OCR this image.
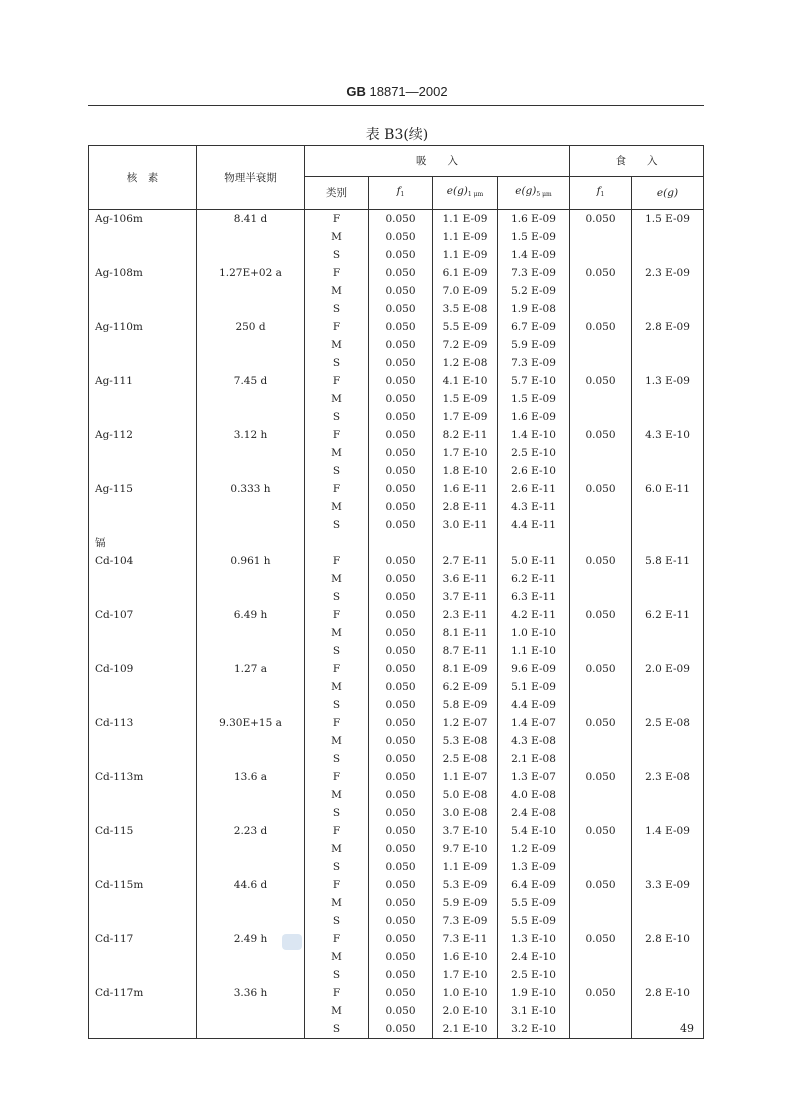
GB 18871—2002
表 B3(续)
核　素	物理半衰期	吸　　入				食　　入	
		类别	$f_1$	$e(g)_{1 \mu m}$	$e(g)_{5 \mu m}$	$f_1$	e(g)
Ag-106m	8.41 d	F	0.050	1.1 E-09	1.6 E-09	0.050	1.5 E-09
		M	0.050	1.1 E-09	1.5 E-09		
		S	0.050	1.1 E-09	1.4 E-09		
Ag-108m	1.27E+02 a	F	0.050	6.1 E-09	7.3 E-09	0.050	2.3 E-09
		M	0.050	7.0 E-09	5.2 E-09		
		S	0.050	3.5 E-08	1.9 E-08		
Ag-110m	250 d	F	0.050	5.5 E-09	6.7 E-09	0.050	2.8 E-09
		M	0.050	7.2 E-09	5.9 E-09		
		S	0.050	1.2 E-08	7.3 E-09		
Ag-111	7.45 d	F	0.050	4.1 E-10	5.7 E-10	0.050	1.3 E-09
		M	0.050	1.5 E-09	1.5 E-09		
		S	0.050	1.7 E-09	1.6 E-09		
Ag-112	3.12 h	F	0.050	8.2 E-11	1.4 E-10	0.050	4.3 E-10
		M	0.050	1.7 E-10	2.5 E-10		
		S	0.050	1.8 E-10	2.6 E-10		
Ag-115	0.333 h	F	0.050	1.6 E-11	2.6 E-11	0.050	6.0 E-11
		M	0.050	2.8 E-11	4.3 E-11		
		S	0.050	3.0 E-11	4.4 E-11		
镉							
Cd-104	0.961 h	F	0.050	2.7 E-11	5.0 E-11	0.050	5.8 E-11
		M	0.050	3.6 E-11	6.2 E-11		
		S	0.050	3.7 E-11	6.3 E-11		
Cd-107	6.49 h	F	0.050	2.3 E-11	4.2 E-11	0.050	6.2 E-11
		M	0.050	8.1 E-11	1.0 E-10		
		S	0.050	8.7 E-11	1.1 E-10		
Cd-109	1.27 a	F	0.050	8.1 E-09	9.6 E-09	0.050	2.0 E-09
		M	0.050	6.2 E-09	5.1 E-09		
		S	0.050	5.8 E-09	4.4 E-09		
Cd-113	9.30E+15 a	F	0.050	1.2 E-07	1.4 E-07	0.050	2.5 E-08
		M	0.050	5.3 E-08	4.3 E-08		
		S	0.050	2.5 E-08	2.1 E-08		
Cd-113m	13.6 a	F	0.050	1.1 E-07	1.3 E-07	0.050	2.3 E-08
		M	0.050	5.0 E-08	4.0 E-08		
		S	0.050	3.0 E-08	2.4 E-08		
Cd-115	2.23 d	F	0.050	3.7 E-10	5.4 E-10	0.050	1.4 E-09
		M	0.050	9.7 E-10	1.2 E-09		
		S	0.050	1.1 E-09	1.3 E-09		
Cd-115m	44.6 d	F	0.050	5.3 E-09	6.4 E-09	0.050	3.3 E-09
		M	0.050	5.9 E-09	5.5 E-09		
		S	0.050	7.3 E-09	5.5 E-09		
Cd-117	2.49 h	F	0.050	7.3 E-11	1.3 E-10	0.050	2.8 E-10
		M	0.050	1.6 E-10	2.4 E-10		
		S	0.050	1.7 E-10	2.5 E-10		
Cd-117m	3.36 h	F	0.050	1.0 E-10	1.9 E-10	0.050	2.8 E-10
		M	0.050	2.0 E-10	3.1 E-10		
		S	0.050	2.1 E-10	3.2 E-10			49
